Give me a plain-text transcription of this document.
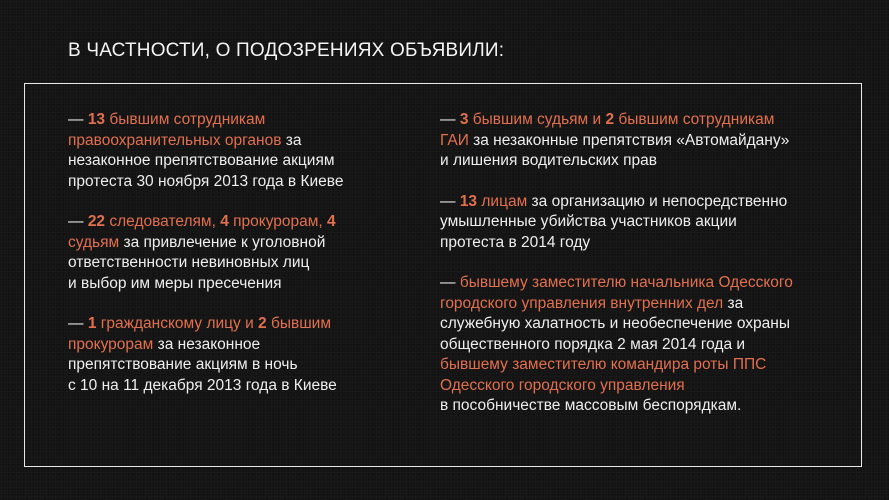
В ЧАСТНОСТИ, О ПОДОЗРЕНИЯХ ОБЪЯВИЛИ:
— 13 бывшим сотрудникам
правоохранительных органов за
незаконное препятствование акциям
протеста 30 ноября 2013 года в Киеве
— 22 следователям, 4 прокурорам, 4
судьям за привлечение к уголовной
ответственности невиновных лиц
и выбор им меры пресечения
— 1 гражданскому лицу и 2 бывшим
прокурорам за незаконное
препятствование акциям в ночь
с 10 на 11 декабря 2013 года в Киеве
— 3 бывшим судьям и 2 бывшим сотрудникам
ГАИ за незаконные препятствия «Автомайдану»
и лишения водительских прав
— 13 лицам за организацию и непосредственно
умышленные убийства участников акции
протеста в 2014 году
— бывшему заместителю начальника Одесского
городского управления внутренних дел за
служебную халатность и необеспечение охраны
общественного порядка 2 мая 2014 года и
бывшему заместителю командира роты ППС
Одесского городского управления
в пособничестве массовым беспорядкам.
